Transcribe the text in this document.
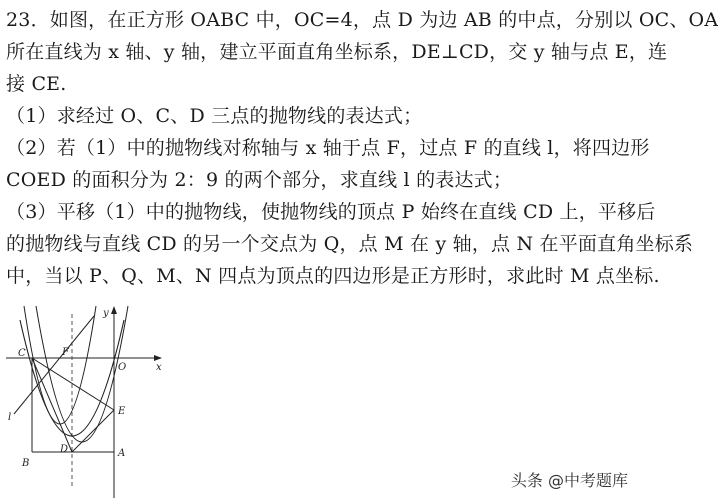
23．如图，在正方形 OABC 中，OC=4，点 D 为边 AB 的中点，分别以 OC、OA
所在直线为 x 轴、y 轴，建立平面直角坐标系，DE⊥CD，交 y 轴与点 E，连
接 CE.
（1）求经过 O、C、D 三点的抛物线的表达式；
（2）若（1）中的抛物线对称轴与 x 轴于点 F，过点 F 的直线 l，将四边形
COED 的面积分为 2：9 的两个部分，求直线 l 的表达式；
（3）平移（1）中的抛物线，使抛物线的顶点 P 始终在直线 CD 上，平移后
的抛物线与直线 CD 的另一个交点为 Q，点 M 在 y 轴，点 N 在平面直角坐标系
中，当以 P、Q、M、N 四点为顶点的四边形是正方形时，求此时 M 点坐标.
x
y
C	F
O
l
E
D
B
A
头条 @中考题库
